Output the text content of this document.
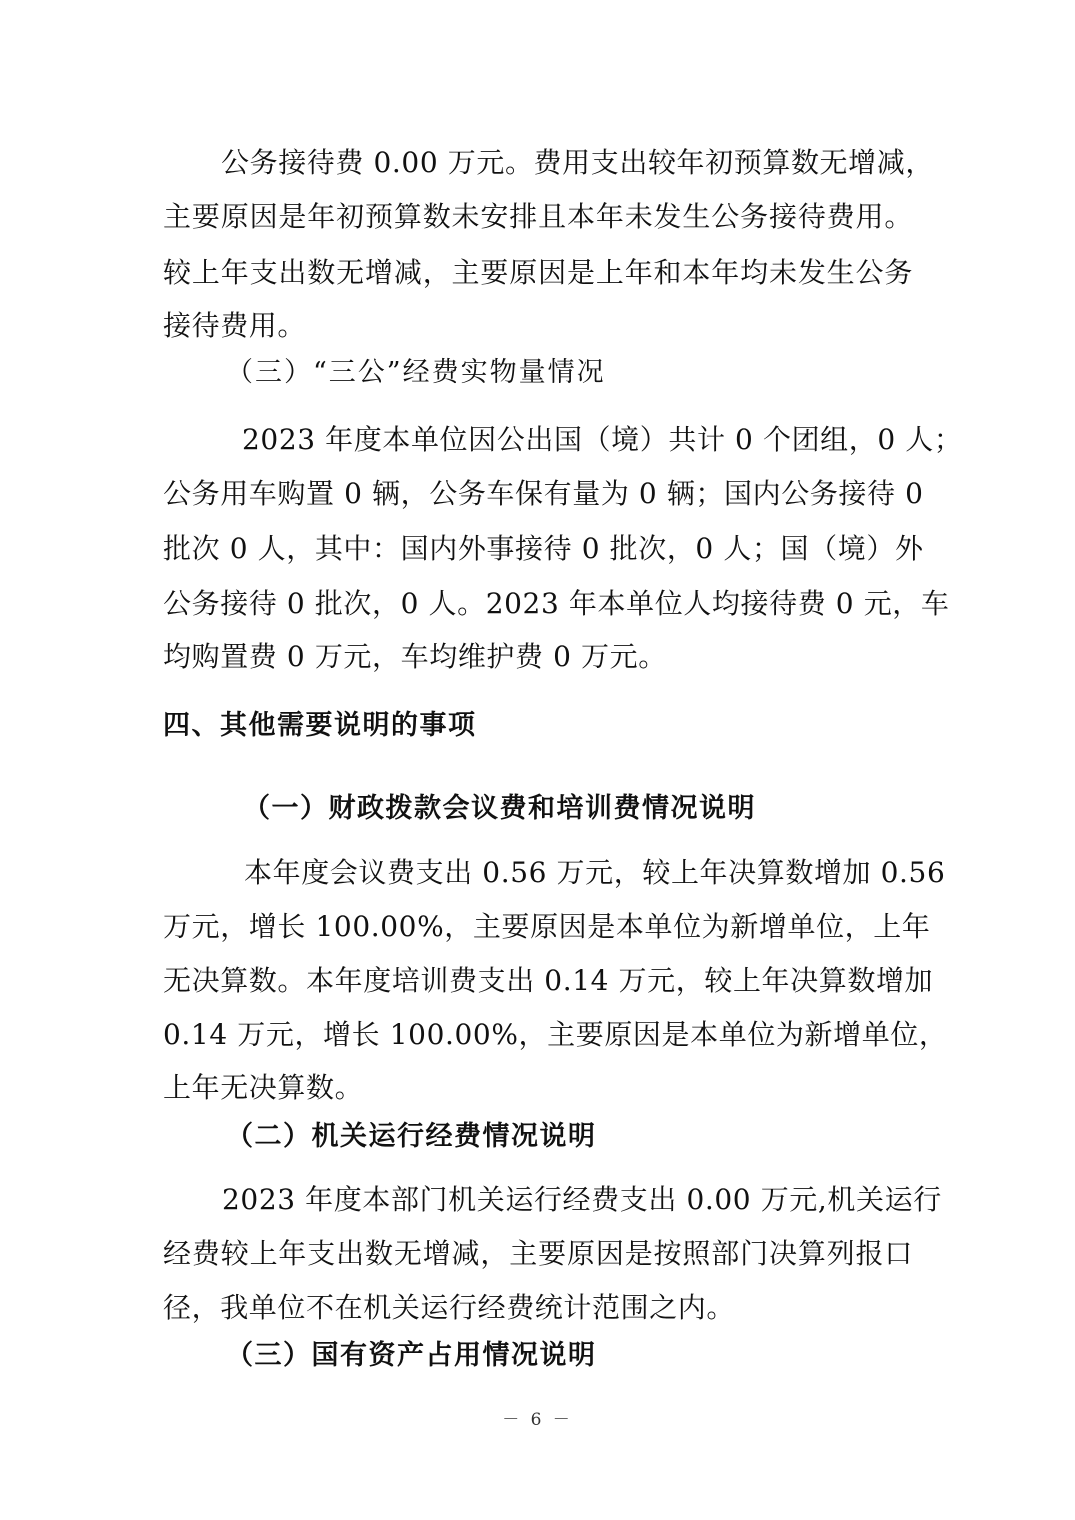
公务接待费 0.00 万元。费用支出较年初预算数无增减，
主要原因是年初预算数未安排且本年未发生公务接待费用。
较上年支出数无增减，主要原因是上年和本年均未发生公务
接待费用。
（三）“三公”经费实物量情况
2023 年度本单位因公出国（境）共计 0 个团组，0 人；
公务用车购置 0 辆，公务车保有量为 0 辆；国内公务接待 0
批次 0 人，其中：国内外事接待 0 批次，0 人；国（境）外
公务接待 0 批次，0 人。2023 年本单位人均接待费 0 元，车
均购置费 0 万元，车均维护费 0 万元。
四、其他需要说明的事项
（一）财政拨款会议费和培训费情况说明
本年度会议费支出 0.56 万元，较上年决算数增加 0.56
万元，增长 100.00%，主要原因是本单位为新增单位，上年
无决算数。本年度培训费支出 0.14 万元，较上年决算数增加
0.14 万元，增长 100.00%，主要原因是本单位为新增单位，
上年无决算数。
（二）机关运行经费情况说明
2023 年度本部门机关运行经费支出 0.00 万元,机关运行
经费较上年支出数无增减，主要原因是按照部门决算列报口
径，我单位不在机关运行经费统计范围之内。
（三）国有资产占用情况说明
－ 6 －
